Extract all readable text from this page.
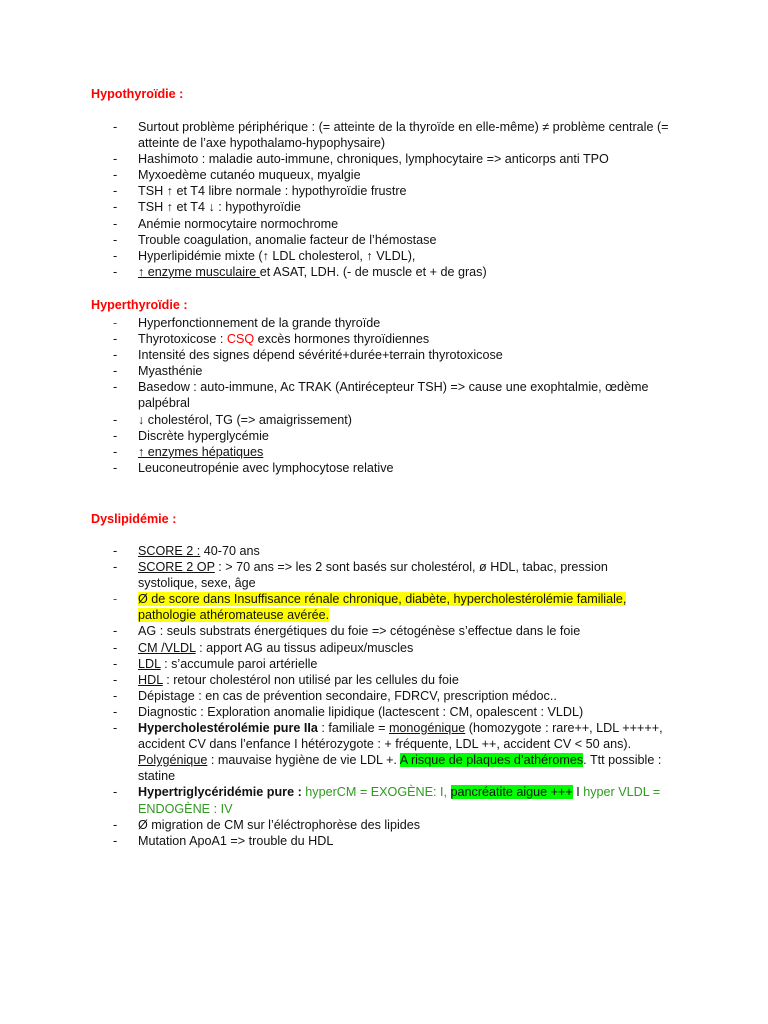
Hypothyroïdie :
- Surtout problème périphérique : (= atteinte de la thyroïde en elle-même) ≠ problème centrale (= atteinte de l’axe hypothalamo-hypophysaire)
- Hashimoto : maladie auto-immune, chroniques, lymphocytaire => anticorps anti TPO
- Myxoedème cutanéo muqueux, myalgie
- TSH ↑ et T4 libre normale : hypothyroïdie frustre
- TSH ↑ et T4 ↓ : hypothyroïdie
- Anémie normocytaire normochrome
- Trouble coagulation, anomalie facteur de l’hémostase
- Hyperlipidémie mixte (↑ LDL cholesterol, ↑ VLDL),
- ↑ enzyme musculaire et ASAT, LDH. (- de muscle et + de gras)
Hyperthyroïdie :
- Hyperfonctionnement de la grande thyroïde
- Thyrotoxicose : CSQ excès hormones thyroïdiennes
- Intensité des signes dépend sévérité+durée+terrain thyrotoxicose
- Myasthénie
- Basedow : auto-immune, Ac TRAK (Antirécepteur TSH) => cause une exophtalmie, œdème palpébral
- ↓ cholestérol, TG (=> amaigrissement)
- Discrète hyperglycémie
- ↑ enzymes hépatiques
- Leuconeutropénie avec lymphocytose relative
Dyslipidémie :
- SCORE 2 : 40-70 ans
- SCORE 2 OP : > 70 ans => les 2 sont basés sur cholestérol, ø HDL, tabac, pression systolique, sexe, âge
- Ø de score dans Insuffisance rénale chronique, diabète, hypercholestérolémie familiale, pathologie athéromateuse avérée.
- AG : seuls substrats énergétiques du foie => cétogénèse s’effectue dans le foie
- CM /VLDL : apport AG au tissus adipeux/muscles
- LDL : s’accumule paroi artérielle
- HDL : retour cholestérol non utilisé par les cellules du foie
- Dépistage : en cas de prévention secondaire, FDRCV, prescription médoc..
- Diagnostic : Exploration anomalie lipidique (lactescent : CM, opalescent : VLDL)
- Hypercholestérolémie pure IIa : familiale = monogénique (homozygote : rare++, LDL +++++, accident CV dans l’enfance I hétérozygote : + fréquente, LDL ++, accident CV < 50 ans). Polygénique : mauvaise hygiène de vie LDL +. A risque de plaques d’athéromes. Ttt possible : statine
- Hypertriglycéridémie pure : hyperCM = EXOGÈNE: I, pancréatite aigue +++ I hyper VLDL = ENDOGÈNE : IV
- Ø migration de CM sur l’éléctrophorèse des lipides
- Mutation ApoA1 => trouble du HDL
